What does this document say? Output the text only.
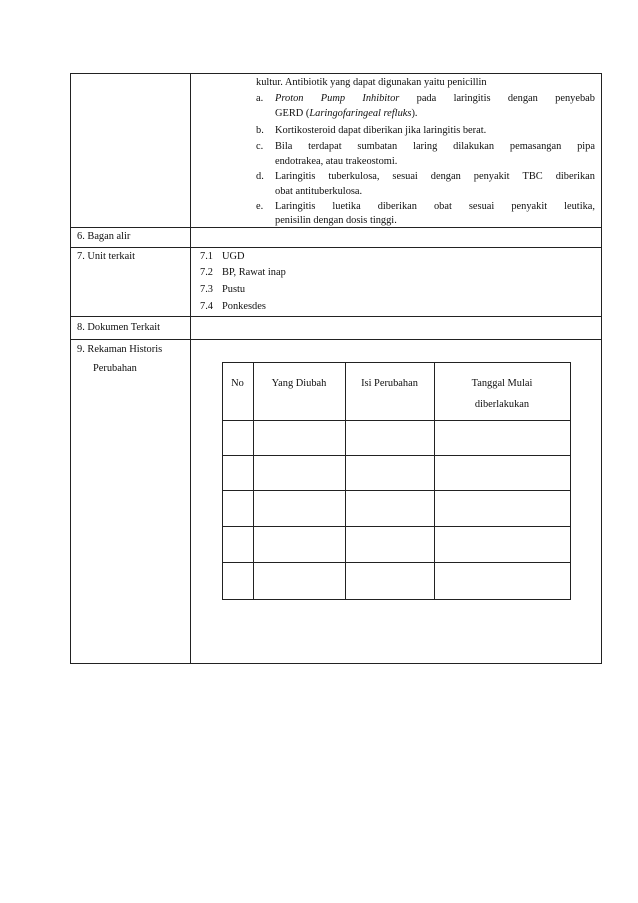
kultur. Antibiotik yang dapat digunakan yaitu penicillin
a.	Proton Pump Inhibitor pada laringitis dengan penyebab
GERD (Laringofaringeal refluks).
b.	Kortikosteroid dapat diberikan jika laringitis berat.
c.	Bila terdapat sumbatan laring dilakukan pemasangan pipa
endotrakea, atau trakeostomi.
d.	Laringitis tuberkulosa, sesuai dengan penyakit TBC diberikan
obat antituberkulosa.
e.	Laringitis luetika diberikan obat sesuai penyakit leutika,
penisilin dengan dosis tinggi.
6. Bagan alir
7. Unit terkait	7.1 UGD
7.2 BP, Rawat inap
7.3 Pustu
7.4 Ponkesdes
8. Dokumen Terkait
9. Rekaman Historis
Perubahan
No	Yang Diubah	Isi Perubahan	Tanggal Mulai
diberlakukan
